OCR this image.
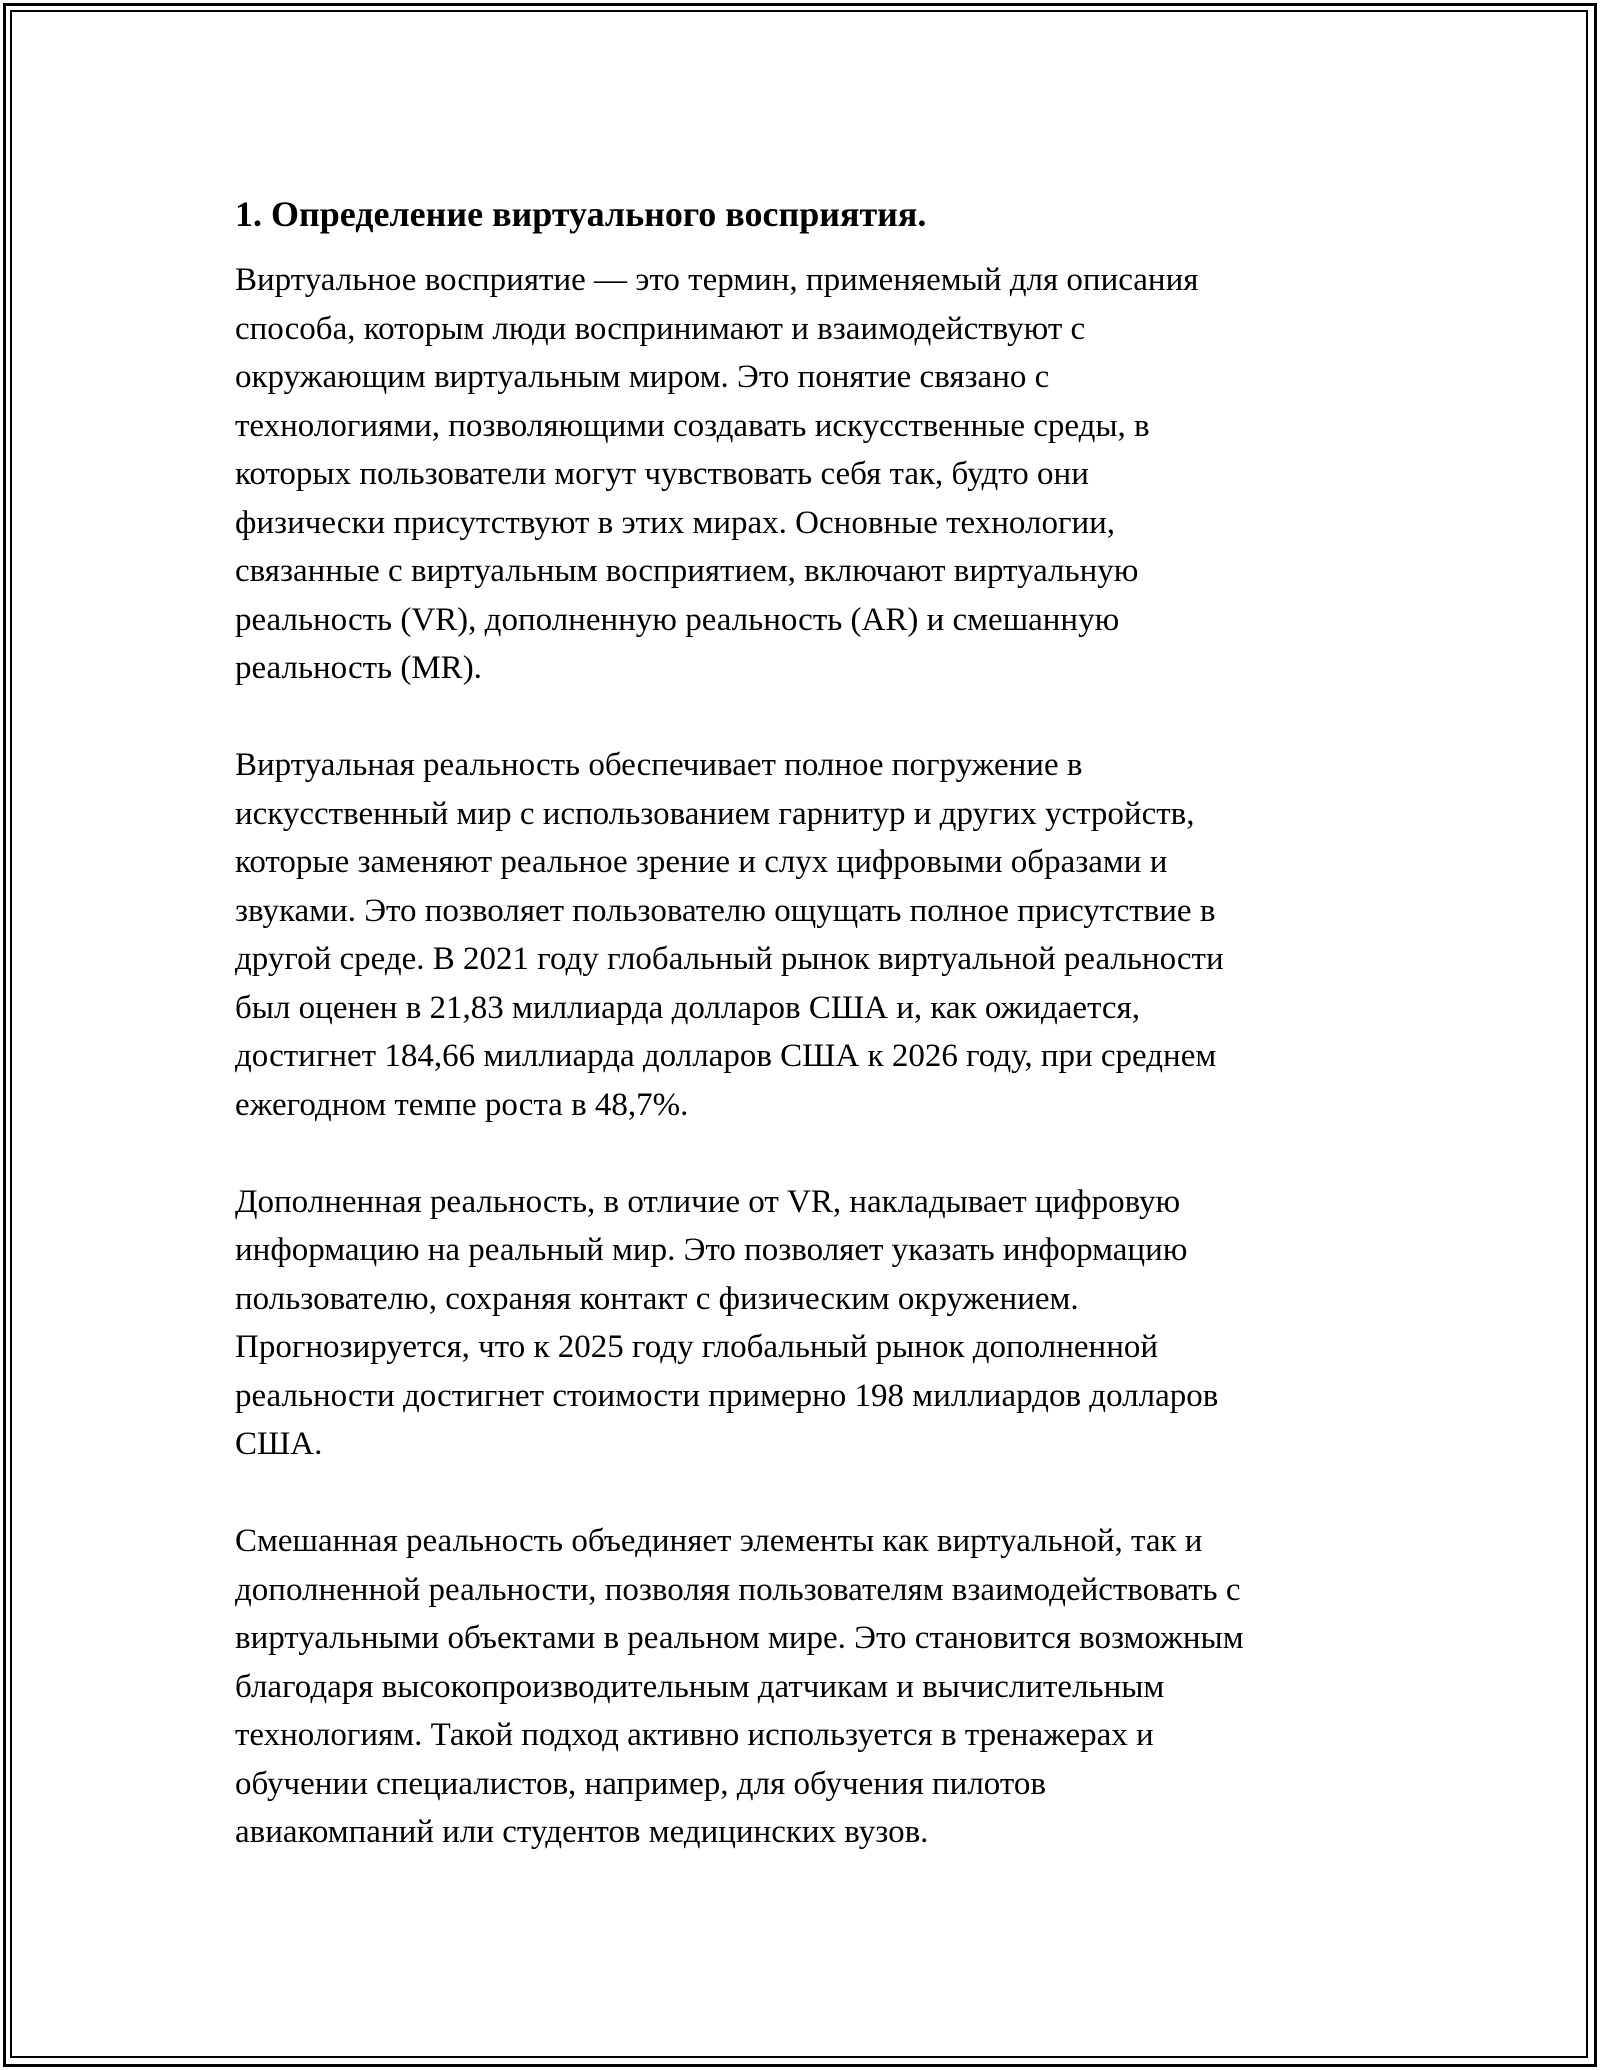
1. Определение виртуального восприятия.

Виртуальное восприятие — это термин, применяемый для описания
способа, которым люди воспринимают и взаимодействуют с
окружающим виртуальным миром. Это понятие связано с
технологиями, позволяющими создавать искусственные среды, в
которых пользователи могут чувствовать себя так, будто они
физически присутствуют в этих мирах. Основные технологии,
связанные с виртуальным восприятием, включают виртуальную
реальность (VR), дополненную реальность (AR) и смешанную
реальность (MR).

Виртуальная реальность обеспечивает полное погружение в
искусственный мир с использованием гарнитур и других устройств,
которые заменяют реальное зрение и слух цифровыми образами и
звуками. Это позволяет пользователю ощущать полное присутствие в
другой среде. В 2021 году глобальный рынок виртуальной реальности
был оценен в 21,83 миллиарда долларов США и, как ожидается,
достигнет 184,66 миллиарда долларов США к 2026 году, при среднем
ежегодном темпе роста в 48,7%.

Дополненная реальность, в отличие от VR, накладывает цифровую
информацию на реальный мир. Это позволяет указать информацию
пользователю, сохраняя контакт с физическим окружением.
Прогнозируется, что к 2025 году глобальный рынок дополненной
реальности достигнет стоимости примерно 198 миллиардов долларов
США.

Смешанная реальность объединяет элементы как виртуальной, так и
дополненной реальности, позволяя пользователям взаимодействовать с
виртуальными объектами в реальном мире. Это становится возможным
благодаря высокопроизводительным датчикам и вычислительным
технологиям. Такой подход активно используется в тренажерах и
обучении специалистов, например, для обучения пилотов
авиакомпаний или студентов медицинских вузов.
